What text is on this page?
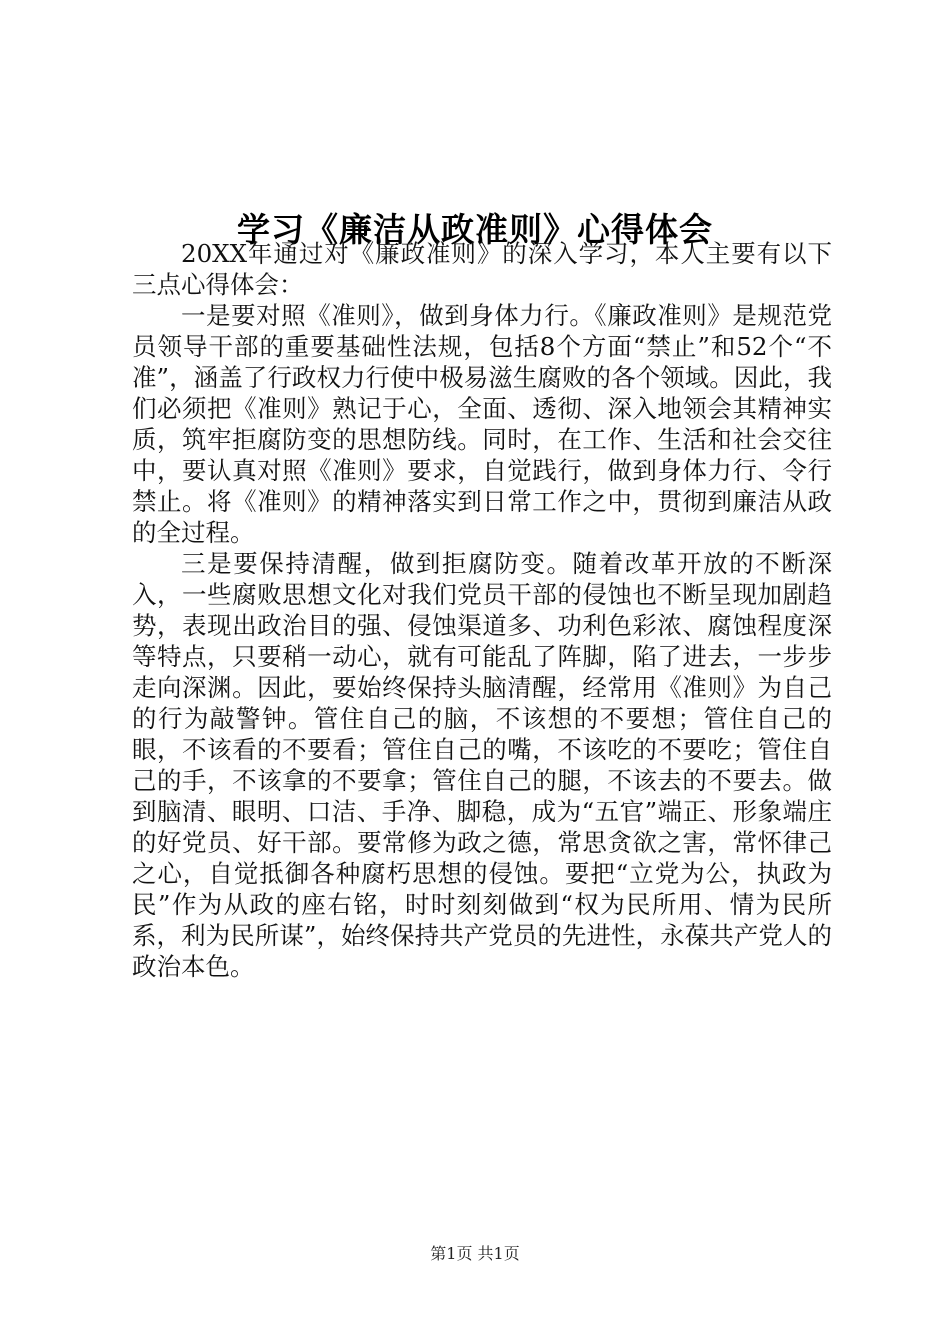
学习《廉洁从政准则》心得体会

20XX年通过对《廉政准则》的深入学习，本人主要有以下三点心得体会：

一是要对照《准则》，做到身体力行。《廉政准则》是规范党员领导干部的重要基础性法规，包括8个方面“禁止”和52个“不准”，涵盖了行政权力行使中极易滋生腐败的各个领域。因此，我们必须把《准则》熟记于心，全面、透彻、深入地领会其精神实质，筑牢拒腐防变的思想防线。同时，在工作、生活和社会交往中，要认真对照《准则》要求，自觉践行，做到身体力行、令行禁止。将《准则》的精神落实到日常工作之中，贯彻到廉洁从政的全过程。

三是要保持清醒，做到拒腐防变。随着改革开放的不断深入，一些腐败思想文化对我们党员干部的侵蚀也不断呈现加剧趋势，表现出政治目的强、侵蚀渠道多、功利色彩浓、腐蚀程度深等特点，只要稍一动心，就有可能乱了阵脚，陷了进去，一步步走向深渊。因此，要始终保持头脑清醒，经常用《准则》为自己的行为敲警钟。管住自己的脑，不该想的不要想；管住自己的眼，不该看的不要看；管住自己的嘴，不该吃的不要吃；管住自己的手，不该拿的不要拿；管住自己的腿，不该去的不要去。做到脑清、眼明、口洁、手净、脚稳，成为“五官”端正、形象端庄的好党员、好干部。要常修为政之德，常思贪欲之害，常怀律己之心，自觉抵御各种腐朽思想的侵蚀。要把“立党为公，执政为民”作为从政的座右铭，时时刻刻做到“权为民所用、情为民所系，利为民所谋”，始终保持共产党员的先进性，永葆共产党人的政治本色。

第1页 共1页
